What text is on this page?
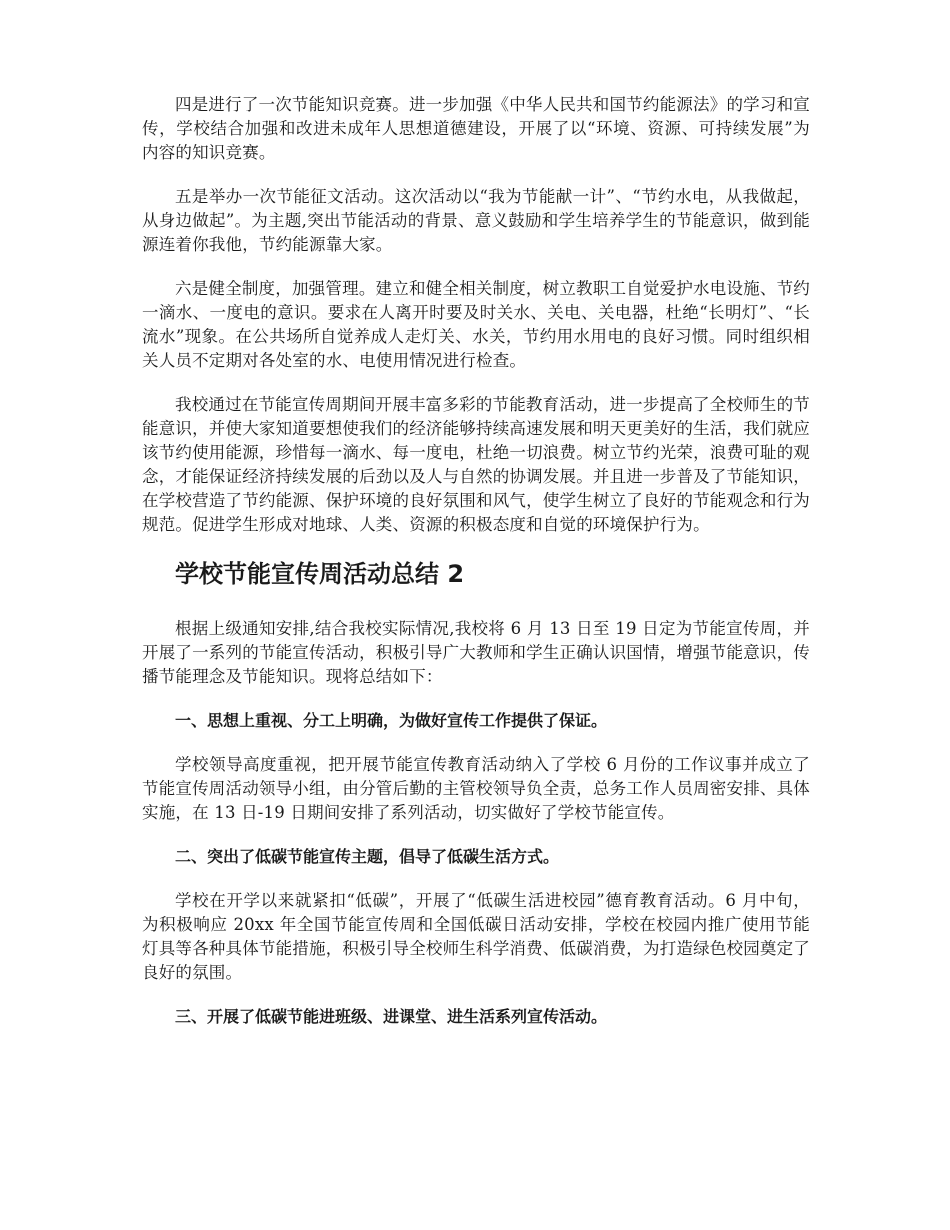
四是进行了一次节能知识竞赛。进一步加强《中华人民共和国节约能源法》的学习和宣传，学校结合加强和改进未成年人思想道德建设，开展了以“环境、资源、可持续发展”为内容的知识竞赛。

五是举办一次节能征文活动。这次活动以“我为节能献一计”、“节约水电，从我做起，从身边做起”。为主题,突出节能活动的背景、意义鼓励和学生培养学生的节能意识，做到能源连着你我他，节约能源靠大家。

六是健全制度，加强管理。建立和健全相关制度，树立教职工自觉爱护水电设施、节约一滴水、一度电的意识。要求在人离开时要及时关水、关电、关电器，杜绝“长明灯”、“长流水”现象。在公共场所自觉养成人走灯关、水关，节约用水用电的良好习惯。同时组织相关人员不定期对各处室的水、电使用情况进行检查。

我校通过在节能宣传周期间开展丰富多彩的节能教育活动，进一步提高了全校师生的节能意识，并使大家知道要想使我们的经济能够持续高速发展和明天更美好的生活，我们就应该节约使用能源，珍惜每一滴水、每一度电，杜绝一切浪费。树立节约光荣，浪费可耻的观念，才能保证经济持续发展的后劲以及人与自然的协调发展。并且进一步普及了节能知识，在学校营造了节约能源、保护环境的良好氛围和风气，使学生树立了良好的节能观念和行为规范。促进学生形成对地球、人类、资源的积极态度和自觉的环境保护行为。

学校节能宣传周活动总结 2

根据上级通知安排,结合我校实际情况,我校将 6 月 13 日至 19 日定为节能宣传周，并开展了一系列的节能宣传活动，积极引导广大教师和学生正确认识国情，增强节能意识，传播节能理念及节能知识。现将总结如下：

一、思想上重视、分工上明确，为做好宣传工作提供了保证。

学校领导高度重视，把开展节能宣传教育活动纳入了学校 6 月份的工作议事并成立了节能宣传周活动领导小组，由分管后勤的主管校领导负全责，总务工作人员周密安排、具体实施，在 13 日-19 日期间安排了系列活动，切实做好了学校节能宣传。

二、突出了低碳节能宣传主题，倡导了低碳生活方式。

学校在开学以来就紧扣“低碳”，开展了“低碳生活进校园”德育教育活动。6 月中旬，为积极响应 20xx 年全国节能宣传周和全国低碳日活动安排，学校在校园内推广使用节能灯具等各种具体节能措施，积极引导全校师生科学消费、低碳消费，为打造绿色校园奠定了良好的氛围。

三、开展了低碳节能进班级、进课堂、进生活系列宣传活动。
